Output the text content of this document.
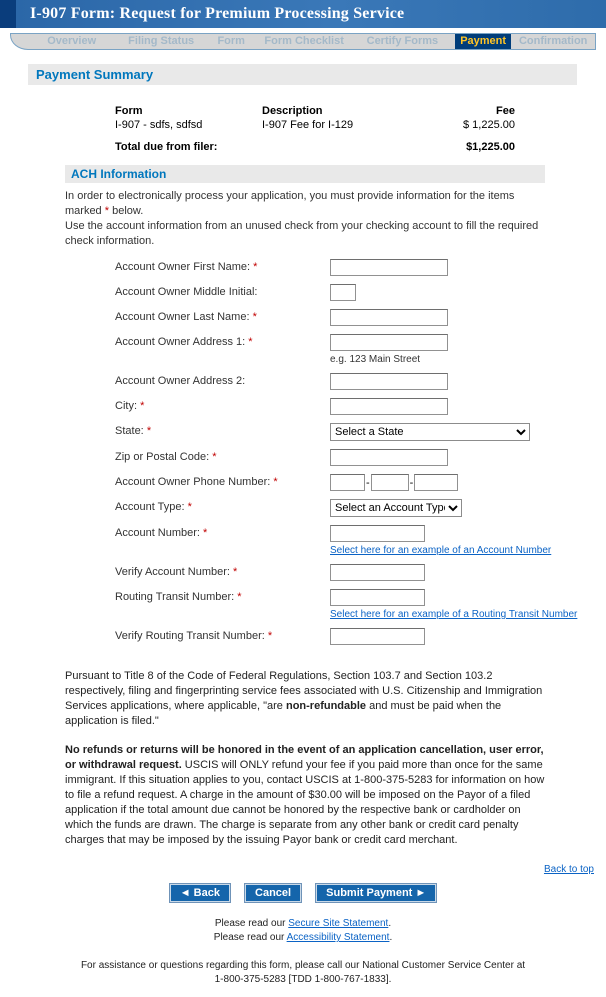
I-907 Form: Request for Premium Processing Service
Overview	Filing Status	Form	Form Checklist	Certify Forms	Payment	Confirmation
Payment Summary
Form	Description	Fee
I-907 - sdfs, sdfsd	I-907 Fee for I-129	$ 1,225.00
Total due from filer:	$1,225.00
ACH Information
In order to electronically process your application, you must provide information for the items marked * below.
Use the account information from an unused check from your checking account to fill the required check information.
Account Owner First Name: *
Account Owner Middle Initial:
Account Owner Last Name: *
Account Owner Address 1: *
e.g. 123 Main Street
Account Owner Address 2:
City: *
State: *
Select a State
Zip or Postal Code: *
Account Owner Phone Number: *	-	-
Account Type: *
Select an Account Type
Account Number: *
Select here for an example of an Account Number
Verify Account Number: *
Routing Transit Number: *
Select here for an example of a Routing Transit Number
Verify Routing Transit Number: *
Pursuant to Title 8 of the Code of Federal Regulations, Section 103.7 and Section 103.2 respectively, filing and fingerprinting service fees associated with U.S. Citizenship and Immigration Services applications, where applicable, "are non-refundable and must be paid when the application is filed."
No refunds or returns will be honored in the event of an application cancellation, user error, or withdrawal request. USCIS will ONLY refund your fee if you paid more than once for the same immigrant. If this situation applies to you, contact USCIS at 1-800-375-5283 for information on how to file a refund request. A charge in the amount of $30.00 will be imposed on the Payor of a filed application if the total amount due cannot be honored by the respective bank or cardholder on which the funds are drawn. The charge is separate from any other bank or credit card penalty charges that may be imposed by the issuing Payor bank or credit card merchant.
Back to top
◄ Back	Cancel	Submit Payment ►
Please read our Secure Site Statement.
Please read our Accessibility Statement.
For assistance or questions regarding this form, please call our National Customer Service Center at
1-800-375-5283 [TDD 1-800-767-1833].
